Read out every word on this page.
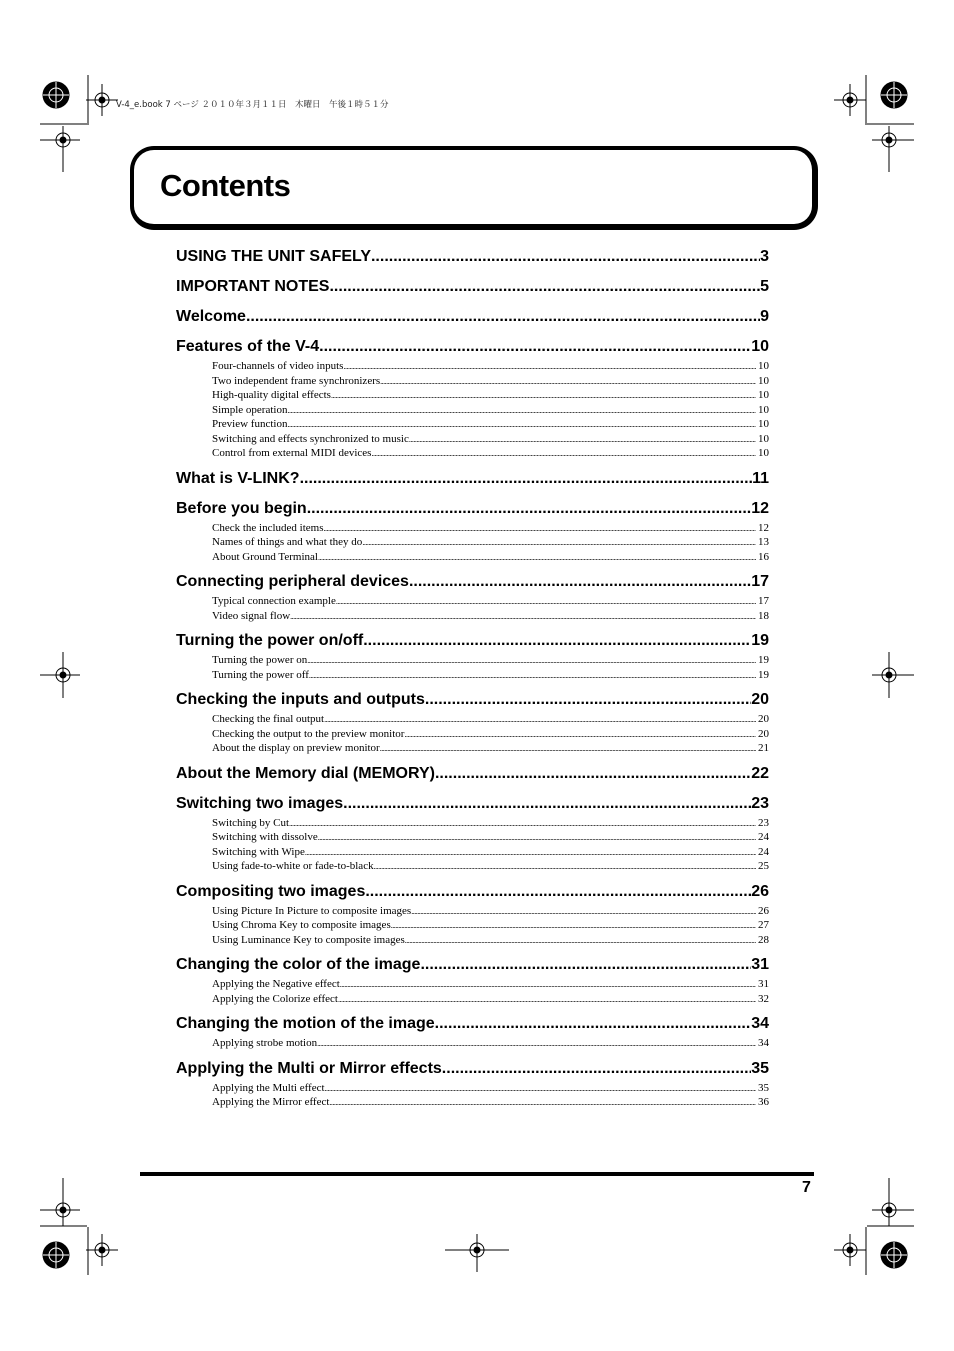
V-4_e.book 7 ページ ２０１０年３月１１日　木曜日　午後１時５１分
Contents
USING THE UNIT SAFELY .....	3
IMPORTANT NOTES .....	5
Welcome .....	9
Features of the V-4 .....	10
Four-channels of video inputs .....	10
Two independent frame synchronizers .....	10
High-quality digital effects .....	10
Simple operation .....	10
Preview function .....	10
Switching and effects synchronized to music .....	10
Control from external MIDI devices .....	10
What is V-LINK? .....	11
Before you begin .....	12
Check the included items .....	12
Names of things and what they do .....	13
About Ground Terminal .....	16
Connecting peripheral devices .....	17
Typical connection example .....	17
Video signal flow .....	18
Turning the power on/off .....	19
Turning the power on .....	19
Turning the power off .....	19
Checking the inputs and outputs .....	20
Checking the final output .....	20
Checking the output to the preview monitor .....	20
About the display on preview monitor .....	21
About the Memory dial (MEMORY) .....	22
Switching two images .....	23
Switching by Cut .....	23
Switching with dissolve .....	24
Switching with Wipe .....	24
Using fade-to-white or fade-to-black .....	25
Compositing two images .....	26
Using Picture In Picture to composite images .....	26
Using Chroma Key to composite images .....	27
Using Luminance Key to composite images .....	28
Changing the color of the image .....	31
Applying the Negative effect .....	31
Applying the Colorize effect .....	32
Changing the motion of the image .....	34
Applying strobe motion .....	34
Applying the Multi or Mirror effects .....	35
Applying the Multi effect .....	35
Applying the Mirror effect .....	36
7
